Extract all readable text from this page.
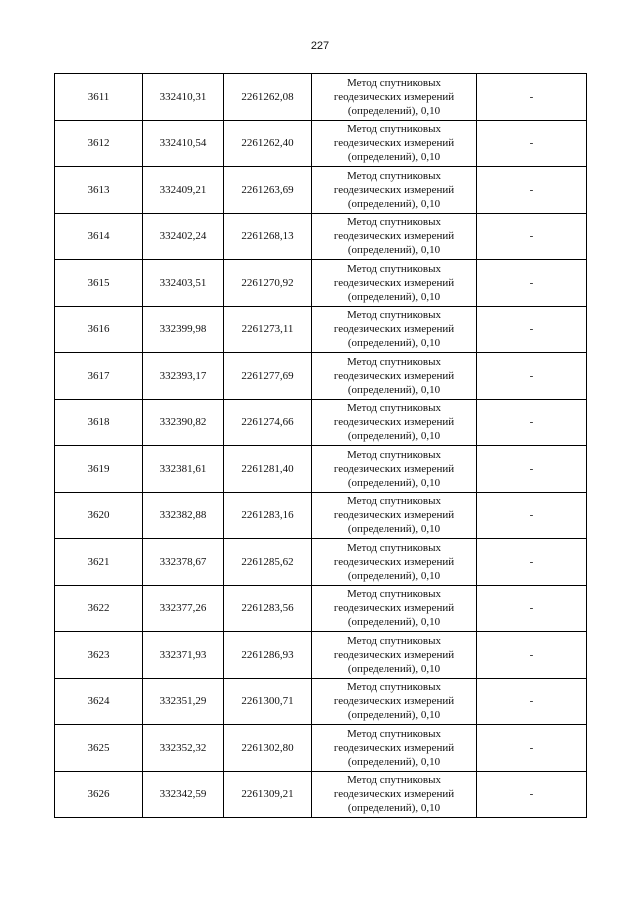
227
3611	332410,31	2261262,08	Метод спутниковых
геодезических измерений
(определений), 0,10	-
3612	332410,54	2261262,40	Метод спутниковых
геодезических измерений
(определений), 0,10	-
3613	332409,21	2261263,69	Метод спутниковых
геодезических измерений
(определений), 0,10	-
3614	332402,24	2261268,13	Метод спутниковых
геодезических измерений
(определений), 0,10	-
3615	332403,51	2261270,92	Метод спутниковых
геодезических измерений
(определений), 0,10	-
3616	332399,98	2261273,11	Метод спутниковых
геодезических измерений
(определений), 0,10	-
3617	332393,17	2261277,69	Метод спутниковых
геодезических измерений
(определений), 0,10	-
3618	332390,82	2261274,66	Метод спутниковых
геодезических измерений
(определений), 0,10	-
3619	332381,61	2261281,40	Метод спутниковых
геодезических измерений
(определений), 0,10	-
3620	332382,88	2261283,16	Метод спутниковых
геодезических измерений
(определений), 0,10	-
3621	332378,67	2261285,62	Метод спутниковых
геодезических измерений
(определений), 0,10	-
3622	332377,26	2261283,56	Метод спутниковых
геодезических измерений
(определений), 0,10	-
3623	332371,93	2261286,93	Метод спутниковых
геодезических измерений
(определений), 0,10	-
3624	332351,29	2261300,71	Метод спутниковых
геодезических измерений
(определений), 0,10	-
3625	332352,32	2261302,80	Метод спутниковых
геодезических измерений
(определений), 0,10	-
3626	332342,59	2261309,21	Метод спутниковых
геодезических измерений
(определений), 0,10	-
